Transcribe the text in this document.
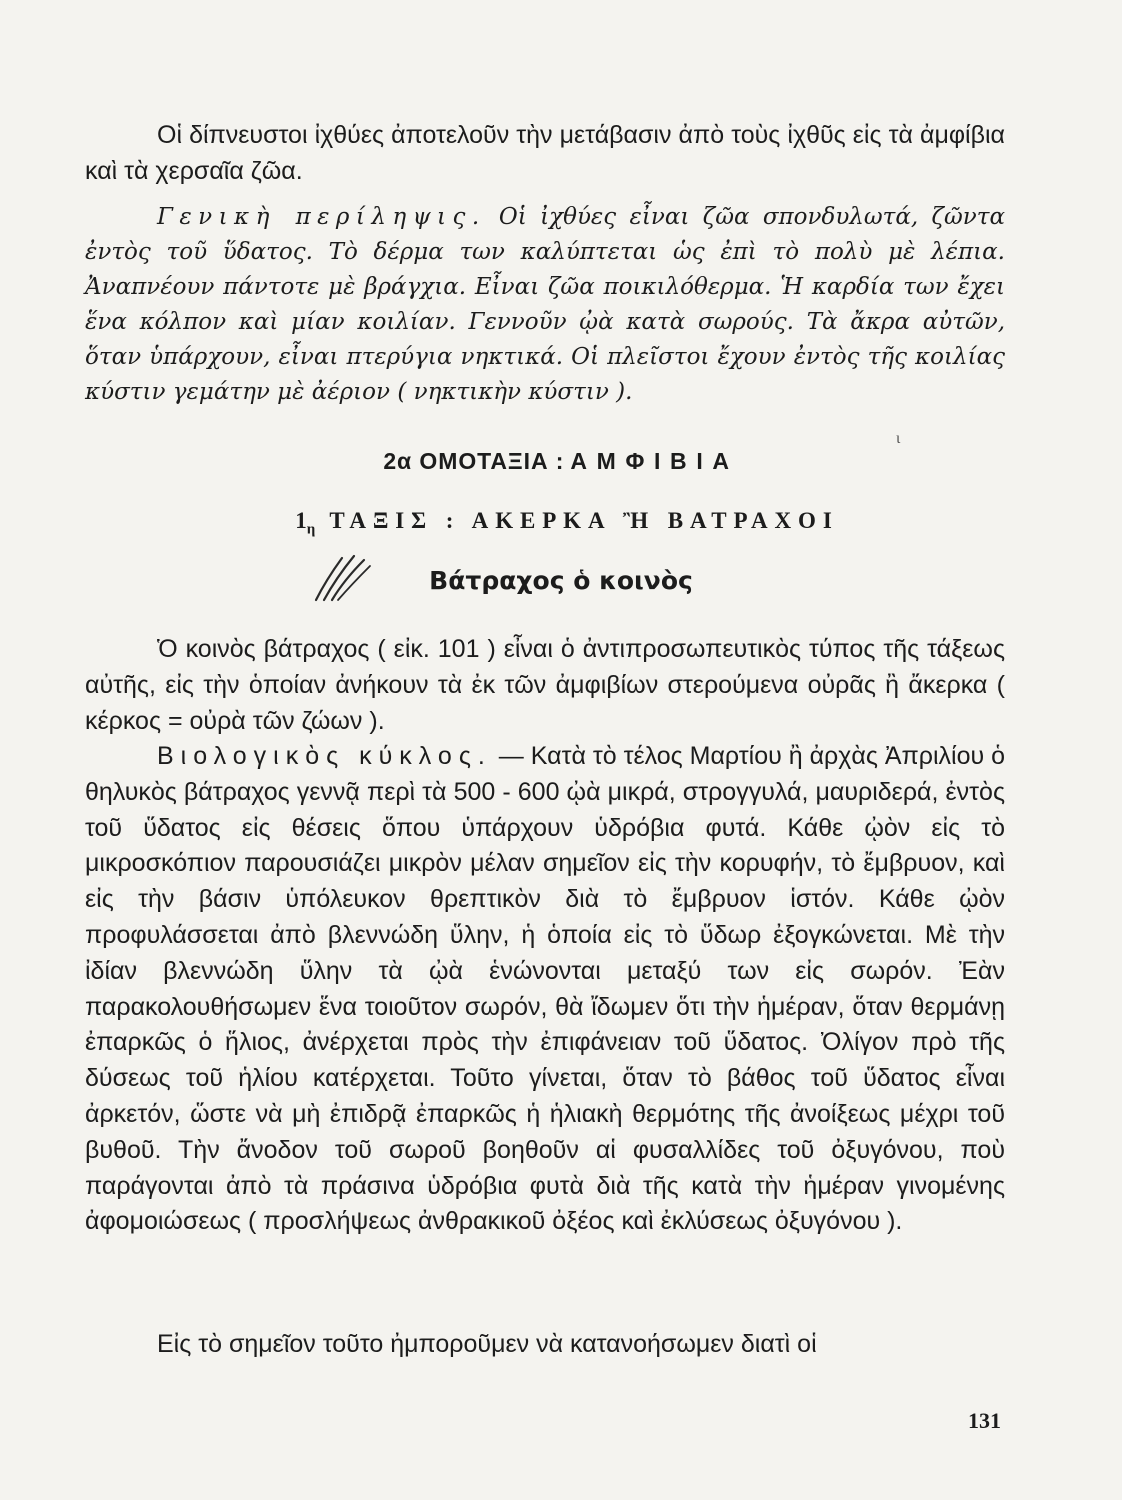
Οἱ δίπνευστοι ἰχθύες ἀποτελοῦν τὴν μετάβασιν ἀπὸ τοὺς ἰχθῦς εἰς τὰ ἀμφίβια καὶ τὰ χερσαῖα ζῶα.

Γενικὴ περίληψις. Οἱ ἰχθύες εἶναι ζῶα σπονδυλωτά, ζῶντα ἐντὸς τοῦ ὕδατος. Τὸ δέρμα των καλύπτεται ὡς ἐπὶ τὸ πολὺ μὲ λέπια. Ἀναπνέουν πάντοτε μὲ βράγχια. Εἶναι ζῶα ποικιλόθερμα. Ἡ καρδία των ἔχει ἕνα κόλπον καὶ μίαν κοιλίαν. Γεννοῦν ᾠὰ κατὰ σωρούς. Τὰ ἄκρα αὐτῶν, ὅταν ὑπάρχουν, εἶναι πτερύγια νηκτικά. Οἱ πλεῖστοι ἔχουν ἐντὸς τῆς κοιλίας κύστιν γεμάτην μὲ ἀέριον ( νηκτικὴν κύστιν ).

ι
2α ΟΜΟΤΑΞΙΑ : ΑΜΦΙΒΙΑ
$1_\eta$ ΤΑΞΙΣ : ΑΚΕΡΚΑ Ἢ ΒΑΤΡΑΧΟΙ
Βάτραχος ὁ κοινὸς

Ὁ κοινὸς βάτραχος ( εἰκ. 101 ) εἶναι ὁ ἀντιπροσωπευτικὸς τύπος τῆς τάξεως αὐτῆς, εἰς τὴν ὁποίαν ἀνήκουν τὰ ἐκ τῶν ἀμφιβίων στερούμενα οὐρᾶς ἢ ἄκερκα ( κέρκος = οὐρὰ τῶν ζώων ).

Βιολογικὸς κύκλος. — Κατὰ τὸ τέλος Μαρτίου ἢ ἀρχὰς Ἀπριλίου ὁ θηλυκὸς βάτραχος γεννᾷ περὶ τὰ 500 - 600 ᾠὰ μικρά, στρογγυλά, μαυριδερά, ἐντὸς τοῦ ὕδατος εἰς θέσεις ὅπου ὑπάρχουν ὑδρόβια φυτά. Κάθε ᾠὸν εἰς τὸ μικροσκόπιον παρουσιάζει μικρὸν μέλαν σημεῖον εἰς τὴν κορυφήν, τὸ ἔμβρυον, καὶ εἰς τὴν βάσιν ὑπόλευκον θρεπτικὸν διὰ τὸ ἔμβρυον ἱστόν. Κάθε ᾠὸν προφυλάσσεται ἀπὸ βλεννώδη ὕλην, ἡ ὁποία εἰς τὸ ὕδωρ ἐξογκώνεται. Μὲ τὴν ἰδίαν βλεννώδη ὕλην τὰ ᾠὰ ἑνώνονται μεταξύ των εἰς σωρόν. Ἐὰν παρακολουθήσωμεν ἕνα τοιοῦτον σωρόν, θὰ ἴδωμεν ὅτι τὴν ἡμέραν, ὅταν θερμάνῃ ἐπαρκῶς ὁ ἥλιος, ἀνέρχεται πρὸς τὴν ἐπιφάνειαν τοῦ ὕδατος. Ὀλίγον πρὸ τῆς δύσεως τοῦ ἡλίου κατέρχεται. Τοῦτο γίνεται, ὅταν τὸ βάθος τοῦ ὕδατος εἶναι ἀρκετόν, ὥστε νὰ μὴ ἐπιδρᾷ ἐπαρκῶς ἡ ἡλιακὴ θερμότης τῆς ἀνοίξεως μέχρι τοῦ βυθοῦ. Τὴν ἄνοδον τοῦ σωροῦ βοηθοῦν αἱ φυσαλλίδες τοῦ ὀξυγόνου, ποὺ παράγονται ἀπὸ τὰ πράσινα ὑδρόβια φυτὰ διὰ τῆς κατὰ τὴν ἡμέραν γινομένης ἀφομοιώσεως ( προσλήψεως ἀνθρακικοῦ ὀξέος καὶ ἐκλύσεως ὀξυγόνου ).

Εἰς τὸ σημεῖον τοῦτο ἠμποροῦμεν νὰ κατανοήσωμεν διατὶ οἱ

131
